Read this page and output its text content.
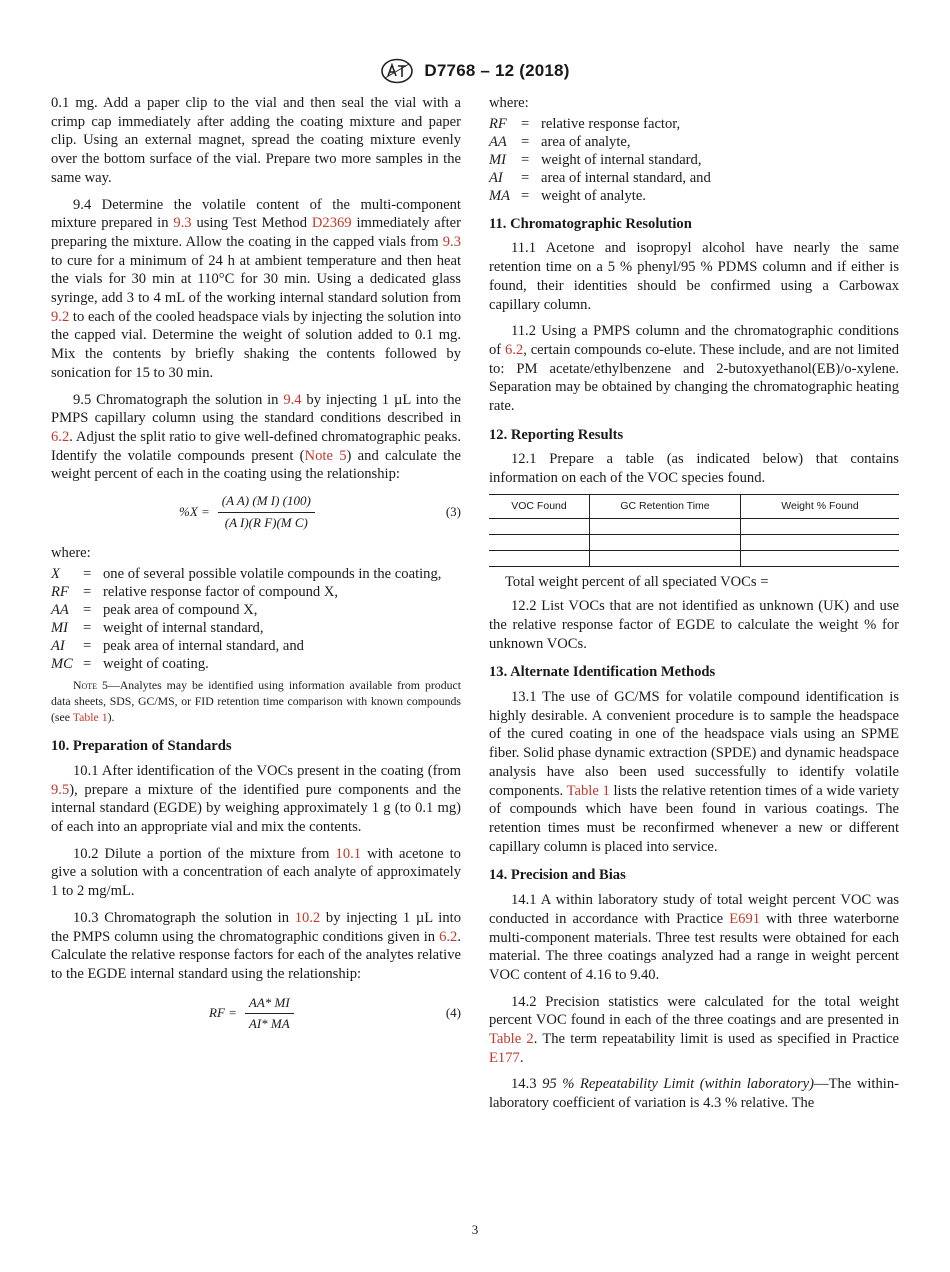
D7768 – 12 (2018)

0.1 mg. Add a paper clip to the vial and then seal the vial with a crimp cap immediately after adding the coating mixture and paper clip. Using an external magnet, spread the coating mixture evenly over the bottom surface of the vial. Prepare two more samples in the same way.

9.4 Determine the volatile content of the multi-component mixture prepared in 9.3 using Test Method D2369 immediately after preparing the mixture. Allow the coating in the capped vials from 9.3 to cure for a minimum of 24 h at ambient temperature and then heat the vials for 30 min at 110°C for 30 min. Using a dedicated glass syringe, add 3 to 4 mL of the working internal standard solution from 9.2 to each of the cooled headspace vials by injecting the solution into the capped vial. Determine the weight of solution added to 0.1 mg. Mix the contents by briefly shaking the contents followed by sonication for 15 to 30 min.

9.5 Chromatograph the solution in 9.4 by injecting 1 µL into the PMPS capillary column using the standard conditions described in 6.2. Adjust the split ratio to give well-defined chromatographic peaks. Identify the volatile compounds present (Note 5) and calculate the weight percent of each in the coating using the relationship:

$\%X = \frac{\text{(A A) (M I) (100)}}{\text{(A I)(R F)(M C)}}$	(3)
where:
X	= one of several possible volatile compounds in the coating,
RF = relative response factor of compound X,
AA = peak area of compound X,
MI	= weight of internal standard,
AI	= peak area of internal standard, and
MC = weight of coating.
Note 5—Analytes may be identified using information available from product data sheets, SDS, GC/MS, or FID retention time comparison with known compounds (see Table 1).
10. Preparation of Standards

10.1 After identification of the VOCs present in the coating (from 9.5), prepare a mixture of the identified pure components and the internal standard (EGDE) by weighing approximately 1 g (to 0.1 mg) of each into an appropriate vial and mix the contents.

10.2 Dilute a portion of the mixture from 10.1 with acetone to give a solution with a concentration of each analyte of approximately 1 to 2 mg/mL.

10.3 Chromatograph the solution in 10.2 by injecting 1 µL into the PMPS column using the chromatographic conditions given in 6.2. Calculate the relative response factors for each of the analytes relative to the EGDE internal standard using the relationship:

RF = $\frac{AA* MI}{AI* MA}$	(4)
where:
RF = relative response factor,
AA = area of analyte,
MI	= weight of internal standard,
AI	= area of internal standard, and
MA = weight of analyte.
11. Chromatographic Resolution

11.1 Acetone and isopropyl alcohol have nearly the same retention time on a 5 % phenyl/95 % PDMS column and if either is found, their identities should be confirmed using a Carbowax capillary column.

11.2 Using a PMPS column and the chromatographic conditions of 6.2, certain compounds co-elute. These include, and are not limited to: PM acetate/ethylbenzene and 2-butoxyethanol(EB)/o-xylene. Separation may be obtained by changing the chromatographic heating rate.

12. Reporting Results

12.1 Prepare a table (as indicated below) that contains information on each of the VOC species found.

VOC Found	GC Retention Time	Weight % Found

Total weight percent of all speciated VOCs =

12.2 List VOCs that are not identified as unknown (UK) and use the relative response factor of EGDE to calculate the weight % for unknown VOCs.

13. Alternate Identification Methods

13.1 The use of GC/MS for volatile compound identification is highly desirable. A convenient procedure is to sample the headspace of the cured coating in one of the headspace vials using an SPME fiber. Solid phase dynamic extraction (SPDE) and dynamic headspace analysis have also been used successfully to identify volatile components. Table 1 lists the relative retention times of a wide variety of compounds which have been found in various coatings. The retention times must be reconfirmed whenever a new or different capillary column is placed into service.

14. Precision and Bias

14.1 A within laboratory study of total weight percent VOC was conducted in accordance with Practice E691 with three waterborne multi-component materials. Three test results were obtained for each material. The three coatings analyzed had a range in weight percent VOC content of 4.16 to 9.40.

14.2 Precision statistics were calculated for the total weight percent VOC found in each of the three coatings and are presented in Table 2. The term repeatability limit is used as specified in Practice E177.

14.3 95 % Repeatability Limit (within laboratory)—The within-laboratory coefficient of variation is 4.3 % relative. The

3
